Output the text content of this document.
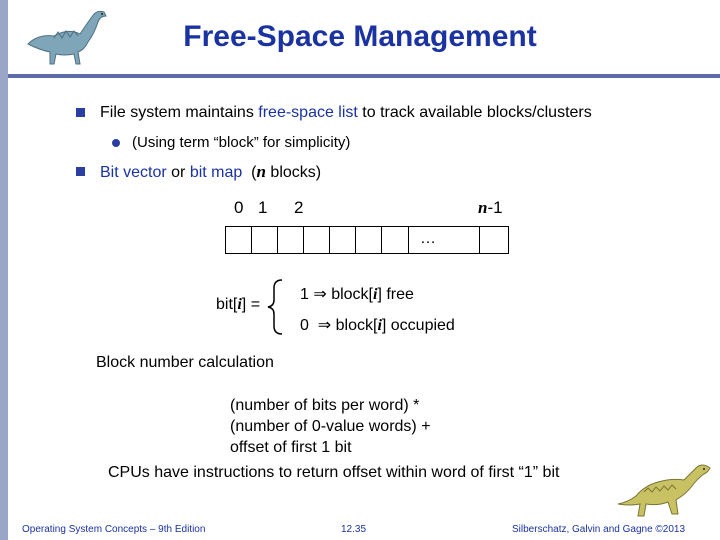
Free-Space Management
File system maintains free-space list to track available blocks/clusters
(Using term “block” for simplicity)
Bit vector or bit map  (n blocks)
0 1 2	n-1
…
bit[i] =
1 ⇒ block[i] free
0  ⇒ block[i] occupied
Block number calculation
(number of bits per word) *
(number of 0-value words) +
offset of first 1 bit
CPUs have instructions to return offset within word of first “1” bit
Operating System Concepts – 9th Edition	12.35	Silberschatz, Galvin and Gagne ©2013
